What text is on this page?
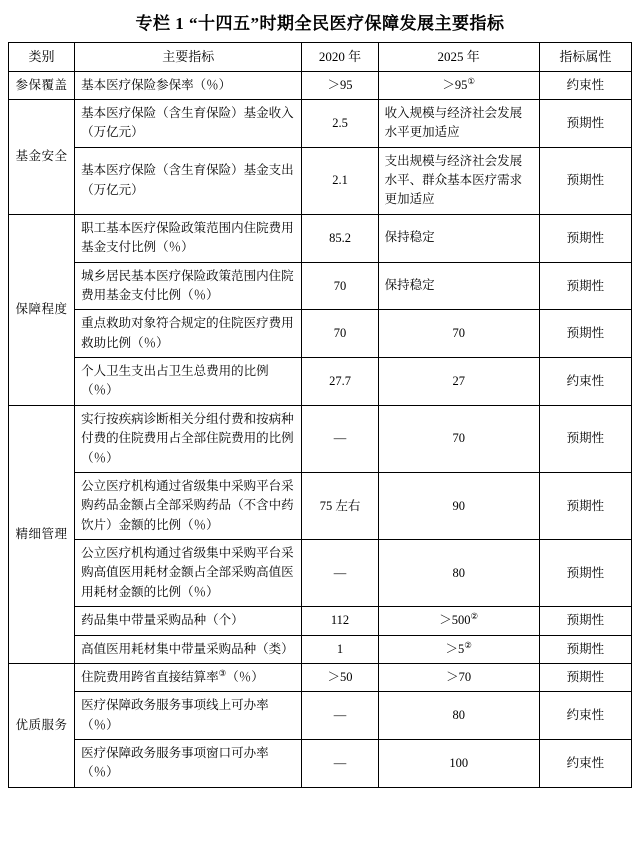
专栏 1 “十四五”时期全民医疗保障发展主要指标
类别	主要指标	2020 年	2025 年	指标属性
参保覆盖	基本医疗保险参保率（％）	＞95	＞95①	约束性
基金安全	基本医疗保险（含生育保险）基金收入（万亿元）	2.5	收入规模与经济社会发展水平更加适应	预期性
	基本医疗保险（含生育保险）基金支出（万亿元）	2.1	支出规模与经济社会发展水平、群众基本医疗需求更加适应	预期性
保障程度	职工基本医疗保险政策范围内住院费用基金支付比例（％）	85.2	保持稳定	预期性
	城乡居民基本医疗保险政策范围内住院费用基金支付比例（％）	70	保持稳定	预期性
	重点救助对象符合规定的住院医疗费用救助比例（％）	70	70	预期性
	个人卫生支出占卫生总费用的比例（％）	27.7	27	约束性
精细管理	实行按疾病诊断相关分组付费和按病种付费的住院费用占全部住院费用的比例（％）	—	70	预期性
	公立医疗机构通过省级集中采购平台采购药品金额占全部采购药品（不含中药饮片）金额的比例（％）	75 左右	90	预期性
	公立医疗机构通过省级集中采购平台采购高值医用耗材金额占全部采购高值医用耗材金额的比例（％）	—	80	预期性
	药品集中带量采购品种（个）	112	＞500②	预期性
	高值医用耗材集中带量采购品种（类）	1	＞5②	预期性
优质服务	住院费用跨省直接结算率③（％）	＞50	＞70	预期性
	医疗保障政务服务事项线上可办率（％）	—	80	约束性
	医疗保障政务服务事项窗口可办率（％）	—	100	约束性
